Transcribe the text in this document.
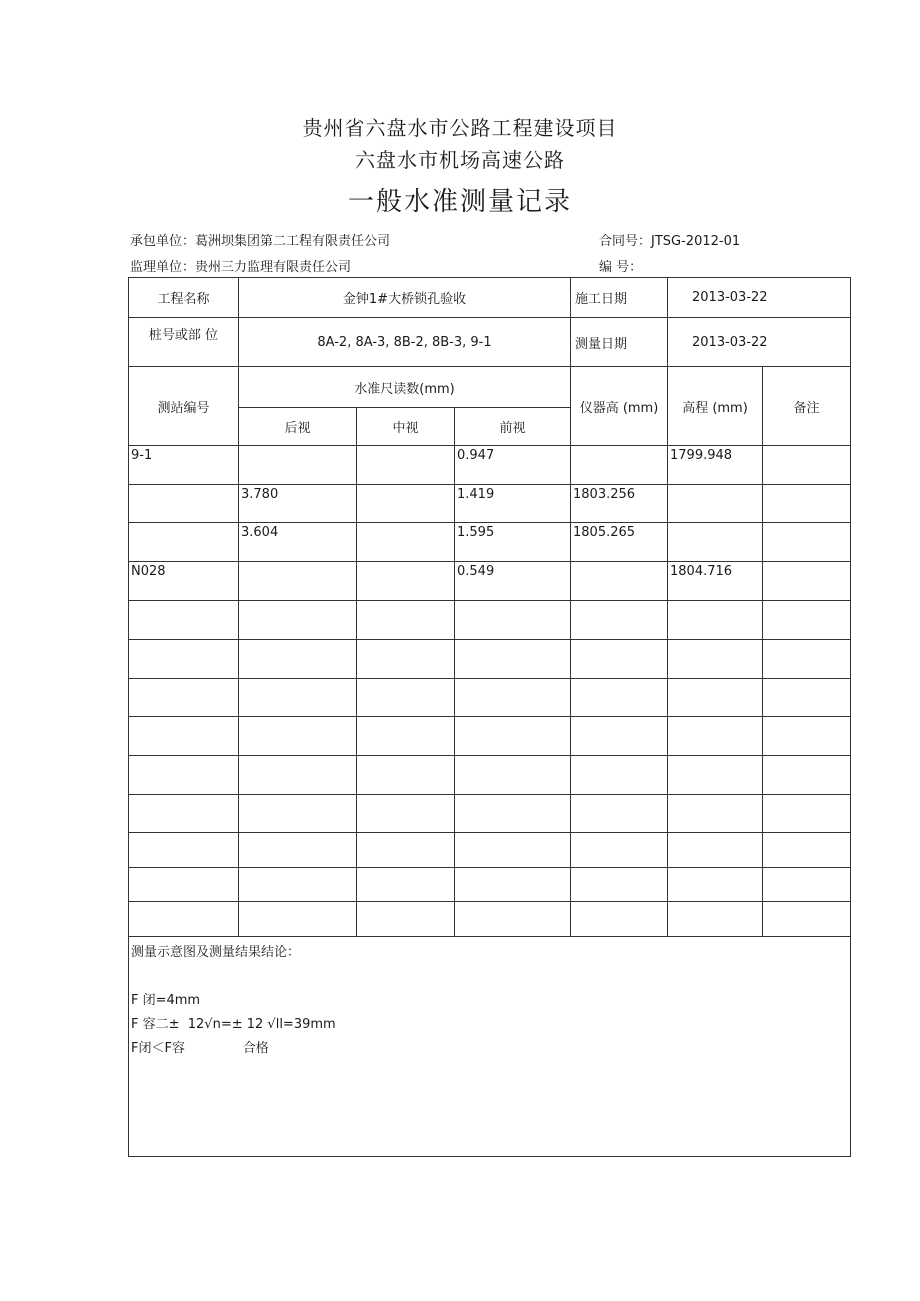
贵州省六盘水市公路工程建设项目
六盘水市机场高速公路
一般水准测量记录
承包单位：葛洲坝集团第二工程有限责任公司	合同号：JTSG-2012-01
监理单位：贵州三力监理有限责任公司	编 号：
工程名称	金钟1#大桥锁孔验收			施工日期	2013-03-22	
桩号或部 位	8A-2, 8A-3, 8B-2, 8B-3, 9-1			测量日期	2013-03-22	
测站编号	水准尺读数(mm)			仪器高 (mm)	高程 (mm)	备注
	后视	中视	前视			
9-1			0.947		1799.948	
	3.780		1.419	1803.256		
	3.604		1.595	1805.265		
N028			0.549		1804.716	

测量示意图及测量结果结论：
F 闭=4mm
F 容二±  12√n=± 12 √ll=39mm
F闭＜F容              合格						
